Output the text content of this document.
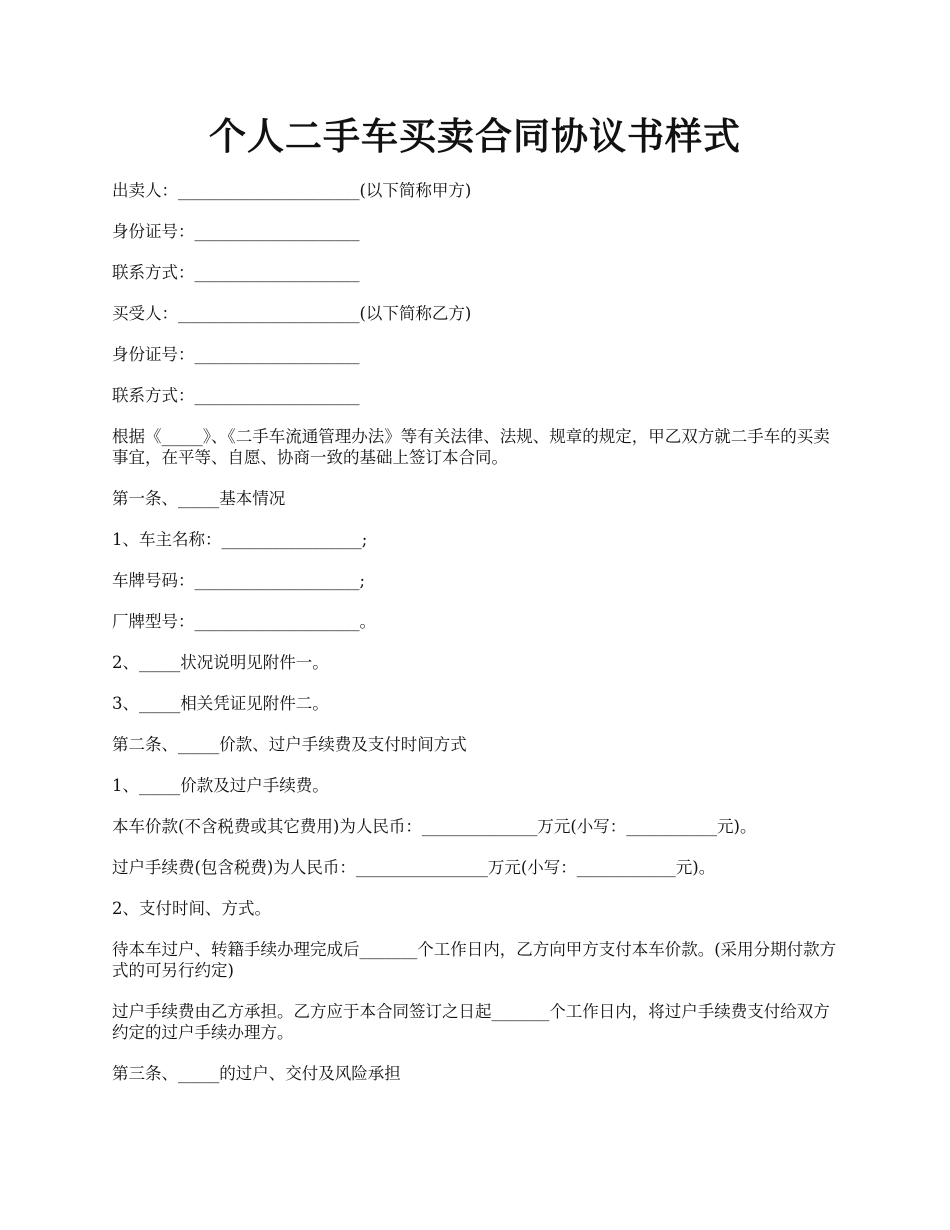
个人二手车买卖合同协议书样式

出卖人：______________________(以下简称甲方)

身份证号：____________________

联系方式：____________________

买受人：______________________(以下简称乙方)

身份证号：____________________

联系方式：____________________

根据《_____》、《二手车流通管理办法》等有关法律、法规、规章的规定，甲乙双方就二手车的买卖事宜，在平等、自愿、协商一致的基础上签订本合同。

第一条、_____基本情况

1、车主名称：_________________;

车牌号码：____________________;

厂牌型号：____________________。

2、_____状况说明见附件一。

3、_____相关凭证见附件二。

第二条、_____价款、过户手续费及支付时间方式

1、_____价款及过户手续费。

本车价款(不含税费或其它费用)为人民币：______________万元(小写：___________元)。

过户手续费(包含税费)为人民币：________________万元(小写：____________元)。

2、支付时间、方式。

待本车过户、转籍手续办理完成后_______个工作日内，乙方向甲方支付本车价款。(采用分期付款方式的可另行约定)

过户手续费由乙方承担。乙方应于本合同签订之日起_______个工作日内，将过户手续费支付给双方约定的过户手续办理方。

第三条、_____的过户、交付及风险承担
